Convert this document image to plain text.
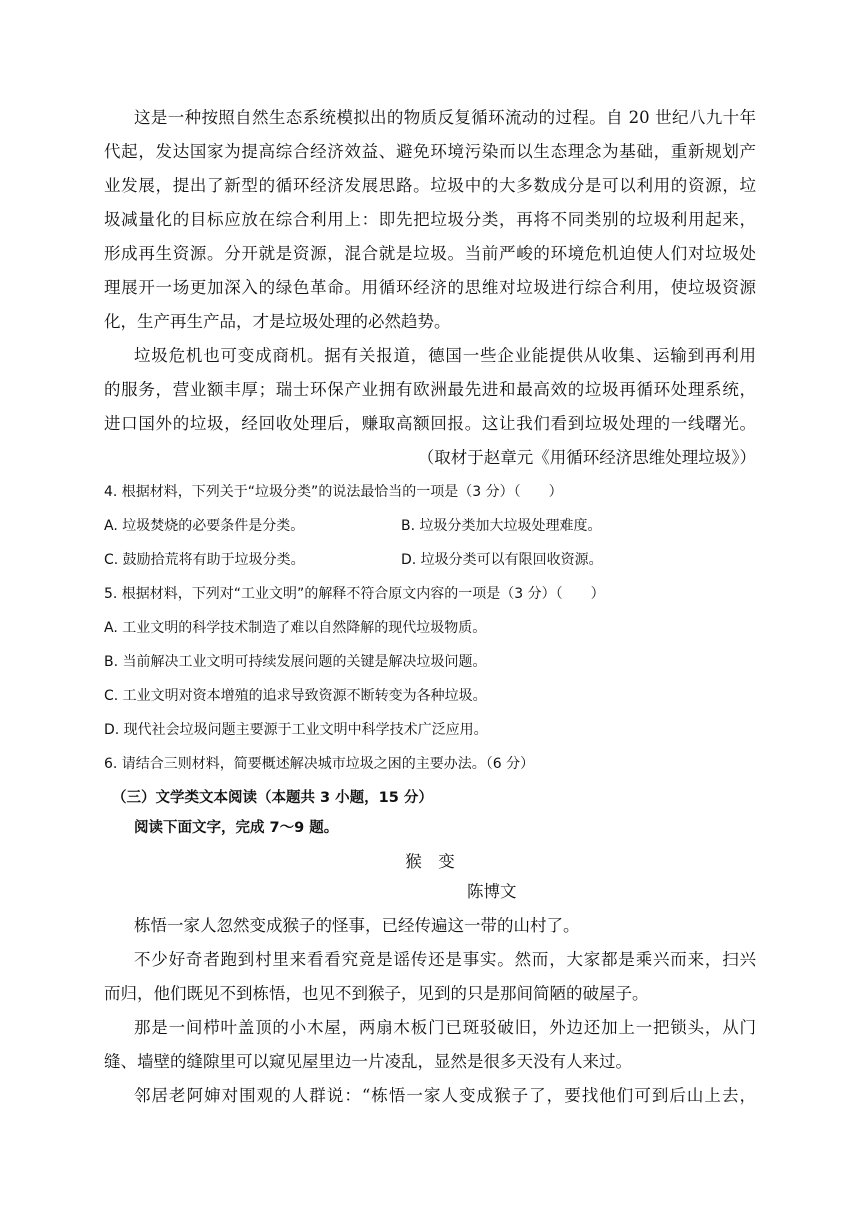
这是一种按照自然生态系统模拟出的物质反复循环流动的过程。自 20 世纪八九十年
代起，发达国家为提高综合经济效益、避免环境污染而以生态理念为基础，重新规划产
业发展，提出了新型的循环经济发展思路。垃圾中的大多数成分是可以利用的资源，垃
圾减量化的目标应放在综合利用上：即先把垃圾分类，再将不同类别的垃圾利用起来，
形成再生资源。分开就是资源，混合就是垃圾。当前严峻的环境危机迫使人们对垃圾处
理展开一场更加深入的绿色革命。用循环经济的思维对垃圾进行综合利用，使垃圾资源
化，生产再生产品，才是垃圾处理的必然趋势。
垃圾危机也可变成商机。据有关报道，德国一些企业能提供从收集、运输到再利用
的服务，营业额丰厚；瑞士环保产业拥有欧洲最先进和最高效的垃圾再循环处理系统，
进口国外的垃圾，经回收处理后，赚取高额回报。这让我们看到垃圾处理的一线曙光。
（取材于赵章元《用循环经济思维处理垃圾》）
4. 根据材料，下列关于“垃圾分类”的说法最恰当的一项是（3 分）（　　）
A. 垃圾焚烧的必要条件是分类。	B. 垃圾分类加大垃圾处理难度。
C. 鼓励拾荒将有助于垃圾分类。	D. 垃圾分类可以有限回收资源。
5. 根据材料，下列对“工业文明”的解释不符合原文内容的一项是（3 分）（　　）
A. 工业文明的科学技术制造了难以自然降解的现代垃圾物质。
B. 当前解决工业文明可持续发展问题的关键是解决垃圾问题。
C. 工业文明对资本增殖的追求导致资源不断转变为各种垃圾。
D. 现代社会垃圾问题主要源于工业文明中科学技术广泛应用。
6. 请结合三则材料，简要概述解决城市垃圾之困的主要办法。（6 分）
（三）文学类文本阅读（本题共 3 小题，15 分）
阅读下面文字，完成 7～9 题。
猴　变
陈博文
栋悟一家人忽然变成猴子的怪事，已经传遍这一带的山村了。
不少好奇者跑到村里来看看究竟是谣传还是事实。然而，大家都是乘兴而来，扫兴
而归，他们既见不到栋悟，也见不到猴子，见到的只是那间简陋的破屋子。
那是一间栉叶盖顶的小木屋，两扇木板门已斑驳破旧，外边还加上一把锁头，从门
缝、墙壁的缝隙里可以窥见屋里边一片凌乱，显然是很多天没有人来过。
邻居老阿婶对围观的人群说：“栋悟一家人变成猴子了，要找他们可到后山上去，
